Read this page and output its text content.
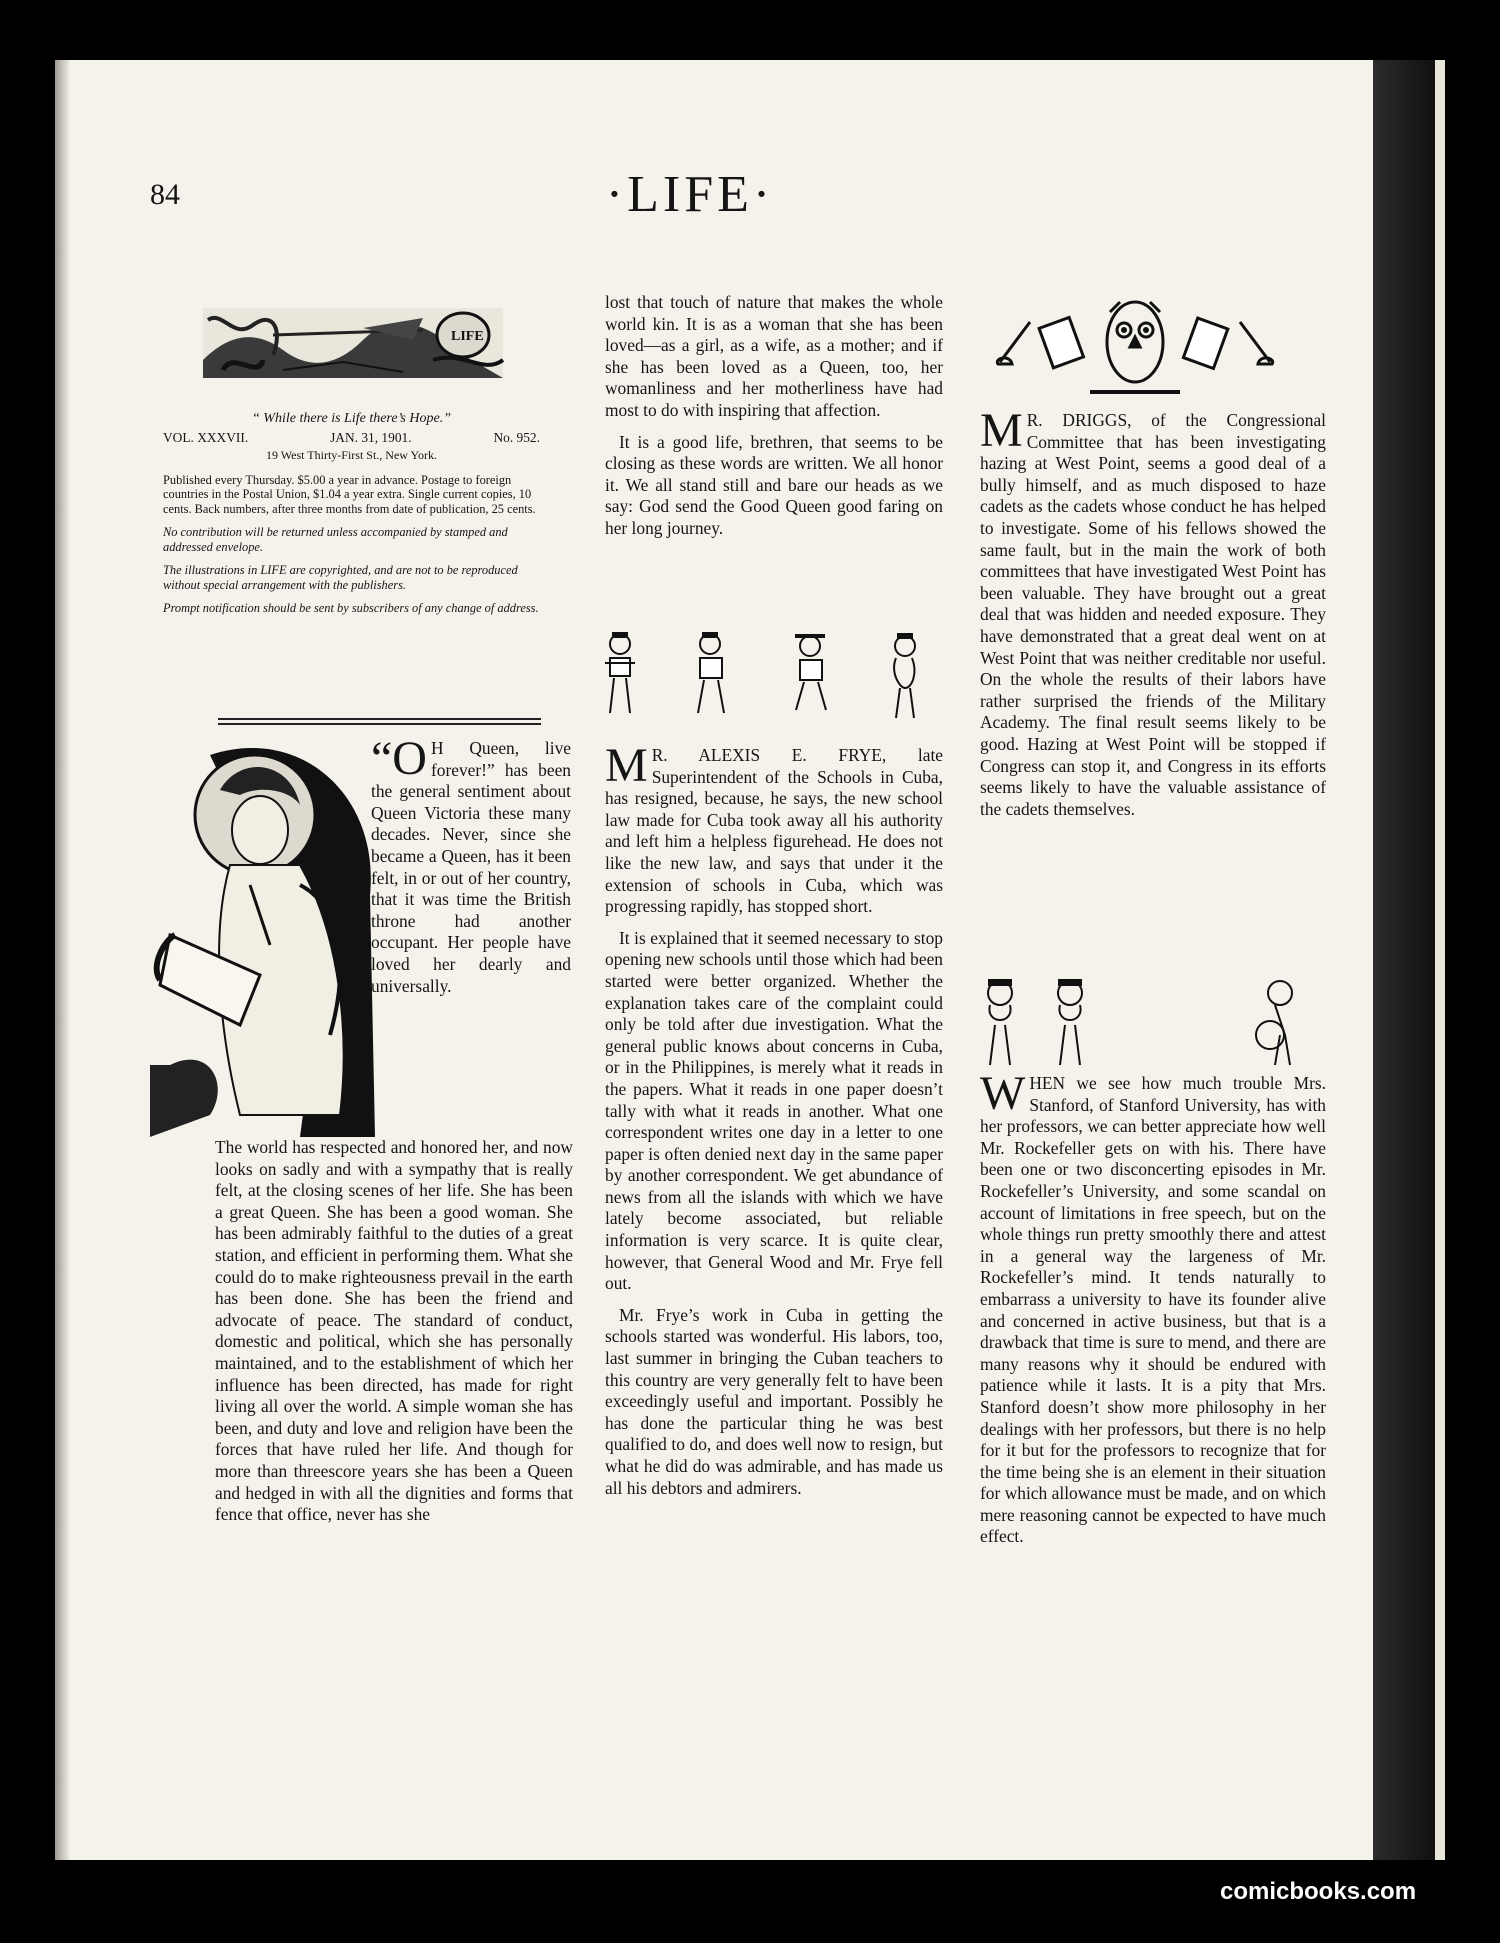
84	·LIFE·
LIFE
“ While there is Life there’s Hope.”
VOL. XXXVII.	JAN. 31, 1901.	No. 952.
19 West Thirty-First St., New York.

Published every Thursday. $5.00 a year in advance. Postage to foreign countries in the Postal Union, $1.04 a year extra. Single current copies, 10 cents. Back numbers, after three months from date of publication, 25 cents.

No contribution will be returned unless accompanied by stamped and addressed envelope.

The illustrations in LIFE are copyrighted, and are not to be reproduced without special arrangement with the publishers.

Prompt notification should be sent by subscribers of any change of address.

“O H Queen, live forever!” has been the general sentiment about Queen Victoria these many decades. Never, since she became a Queen, has it been felt, in or out of her country, that it was time the British throne had another occupant. Her people have loved her dearly and universally.

The world has respected and honored her, and now looks on sadly and with a sympathy that is really felt, at the closing scenes of her life. She has been a great Queen. She has been a good woman. She has been admirably faithful to the duties of a great station, and efficient in performing them. What she could do to make righteousness prevail in the earth has been done. She has been the friend and advocate of peace. The standard of conduct, domestic and political, which she has personally maintained, and to the establishment of which her influence has been directed, has made for right living all over the world. A simple woman she has been, and duty and love and religion have been the forces that have ruled her life. And though for more than threescore years she has been a Queen and hedged in with all the dignities and forms that fence that office, never has she

lost that touch of nature that makes the whole world kin. It is as a woman that she has been loved—as a girl, as a wife, as a mother; and if she has been loved as a Queen, too, her womanliness and her motherliness have had most to do with inspiring that affection.

It is a good life, brethren, that seems to be closing as these words are written. We all honor it. We all stand still and bare our heads as we say: God send the Good Queen good faring on her long journey.

M R. ALEXIS E. FRYE, late Superintendent of the Schools in Cuba, has resigned, because, he says, the new school law made for Cuba took away all his authority and left him a helpless figurehead. He does not like the new law, and says that under it the extension of schools in Cuba, which was progressing rapidly, has stopped short.

It is explained that it seemed necessary to stop opening new schools until those which had been started were better organized. Whether the explanation takes care of the complaint could only be told after due investigation. What the general public knows about concerns in Cuba, or in the Philippines, is merely what it reads in the papers. What it reads in one paper doesn’t tally with what it reads in another. What one correspondent writes one day in a letter to one paper is often denied next day in the same paper by another correspondent. We get abundance of news from all the islands with which we have lately become associated, but reliable information is very scarce. It is quite clear, however, that General Wood and Mr. Frye fell out.

Mr. Frye’s work in Cuba in getting the schools started was wonderful. His labors, too, last summer in bringing the Cuban teachers to this country are very generally felt to have been exceedingly useful and important. Possibly he has done the particular thing he was best qualified to do, and does well now to resign, but what he did do was admirable, and has made us all his debtors and admirers.

M R. DRIGGS, of the Congressional Committee that has been investigating hazing at West Point, seems a good deal of a bully himself, and as much disposed to haze cadets as the cadets whose conduct he has helped to investigate. Some of his fellows showed the same fault, but in the main the work of both committees that have investigated West Point has been valuable. They have brought out a great deal that was hidden and needed exposure. They have demonstrated that a great deal went on at West Point that was neither creditable nor useful. On the whole the results of their labors have rather surprised the friends of the Military Academy. The final result seems likely to be good. Hazing at West Point will be stopped if Congress can stop it, and Congress in its efforts seems likely to have the valuable assistance of the cadets themselves.

WHEN we see how much trouble Mrs. Stanford, of Stanford University, has with her professors, we can better appreciate how well Mr. Rockefeller gets on with his. There have been one or two disconcerting episodes in Mr. Rockefeller’s University, and some scandal on account of limitations in free speech, but on the whole things run pretty smoothly there and attest in a general way the largeness of Mr. Rockefeller’s mind. It tends naturally to embarrass a university to have its founder alive and concerned in active business, but that is a drawback that time is sure to mend, and there are many reasons why it should be endured with patience while it lasts. It is a pity that Mrs. Stanford doesn’t show more philosophy in her dealings with her professors, but there is no help for it but for the professors to recognize that for the time being she is an element in their situation for which allowance must be made, and on which mere reasoning cannot be expected to have much effect.

comicbooks.com
